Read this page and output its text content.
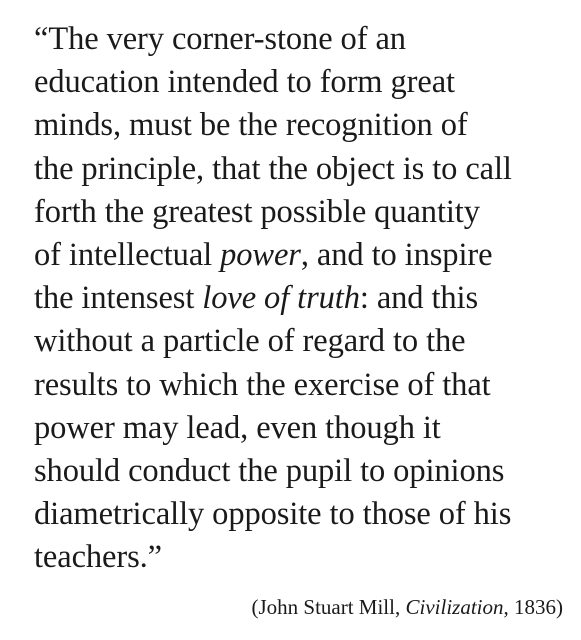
“The very corner-stone of an
education intended to form great
minds, must be the recognition of
the principle, that the object is to call
forth the greatest possible quantity
of intellectual power, and to inspire
the intensest love of truth: and this
without a particle of regard to the
results to which the exercise of that
power may lead, even though it
should conduct the pupil to opinions
diametrically opposite to those of his
teachers.”
(John Stuart Mill, Civilization, 1836)
